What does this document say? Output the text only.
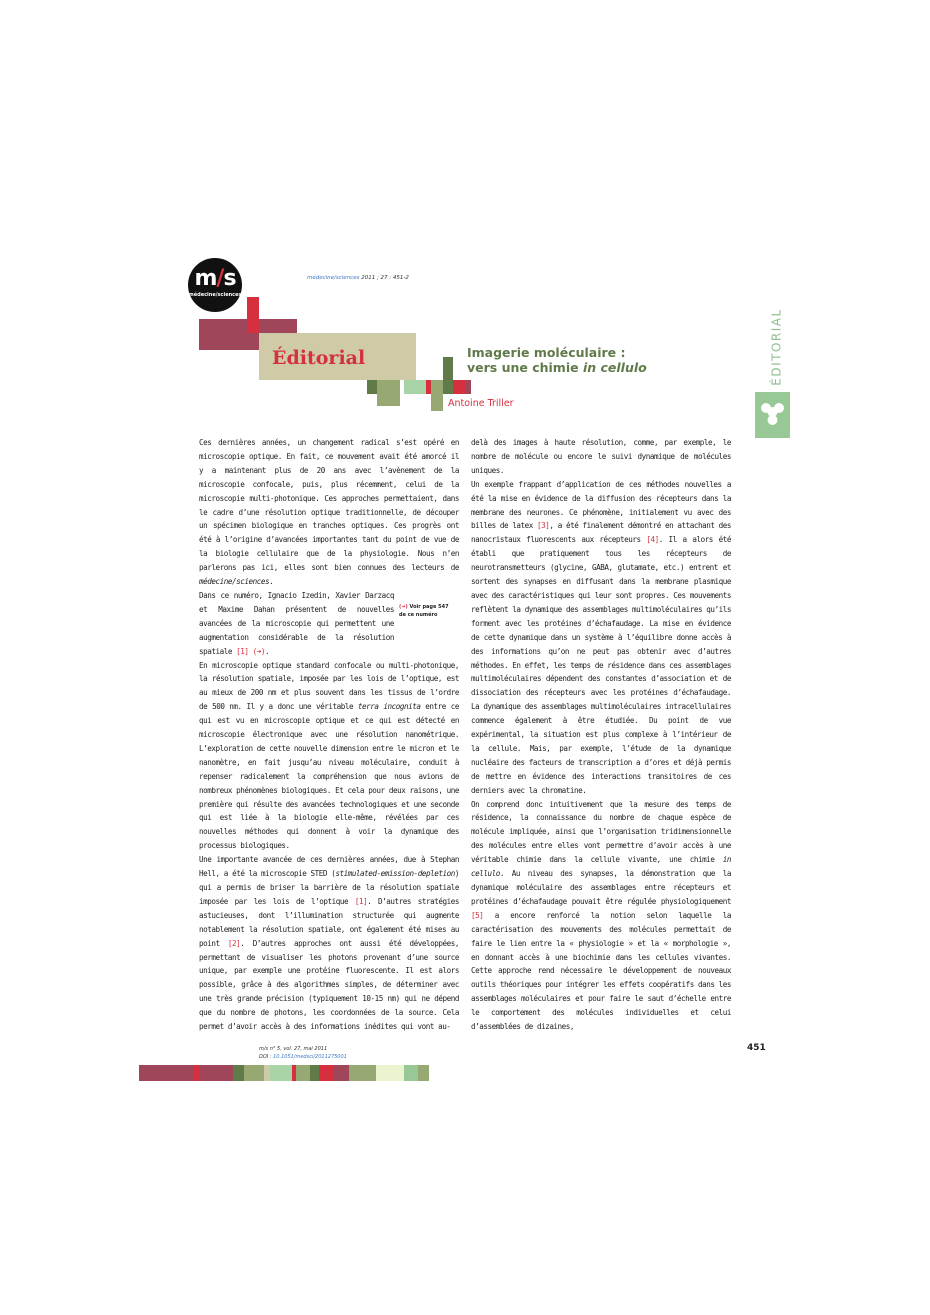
m/s
médecine/sciences
médecine/sciences 2011 ; 27 : 451-2
Éditorial	Imagerie moléculaire :
vers une chimie in cellulo
Antoine Triller
ÉDITORIAL

Ces dernières années, un changement radical s’est opéré en microscopie optique. En fait, ce mouvement avait été amorcé il y a maintenant plus de 20 ans avec l’avènement de la microscopie confocale, puis, plus récemment, celui de la microscopie multi-photonique. Ces approches permettaient, dans le cadre d’une résolution optique traditionnelle, de découper un spécimen biologique en tranches optiques. Ces progrès ont été à l’origine d’avancées importantes tant du point de vue de la biologie cellulaire que de la physiologie. Nous n’en parlerons pas ici, elles sont bien connues des lecteurs de médecine/sciences.

Dans ce numéro, Ignacio Izedin, Xavier Darzacq et Maxime Dahan présentent de nouvelles avancées de la microscopie qui permettent une augmentation considérable de la résolution spatiale [1] (➜).

En microscopie optique standard confocale ou multi-photonique, la résolution spatiale, imposée par les lois de l’optique, est au mieux de 200 nm et plus souvent dans les tissus de l’ordre de 500 nm. Il y a donc une véritable terra incognita entre ce qui est vu en microscopie optique et ce qui est détecté en microscopie électronique avec une résolution nanométrique. L’exploration de cette nouvelle dimension entre le micron et le nanomètre, en fait jusqu’au niveau moléculaire, conduit à repenser radicalement la compréhension que nous avions de nombreux phénomènes biologiques. Et cela pour deux raisons, une première qui résulte des avancées technologiques et une seconde qui est liée à la biologie elle-même, révélées par ces nouvelles méthodes qui donnent à voir la dynamique des processus biologiques.

Une importante avancée de ces dernières années, due à Stephan Hell, a été la microscopie STED (stimulated-emission-depletion) qui a permis de briser la barrière de la résolution spatiale imposée par les lois de l’optique [1]. D’autres stratégies astucieuses, dont l’illumination structurée qui augmente notablement la résolution spatiale, ont également été mises au point [2]. D’autres approches ont aussi été développées, permettant de visualiser les photons provenant d’une source unique, par exemple une protéine fluorescente. Il est alors possible, grâce à des algorithmes simples, de déterminer avec une très grande précision (typiquement 10-15 nm) qui ne dépend que du nombre de photons, les coordonnées de la source. Cela permet d’avoir accès à des informations inédites qui vont au-

(➜) Voir page 547
de ce numéro

delà des images à haute résolution, comme, par exemple, le nombre de molécule ou encore le suivi dynamique de molécules uniques.

Un exemple frappant d’application de ces méthodes nouvelles a été la mise en évidence de la diffusion des récepteurs dans la membrane des neurones. Ce phénomène, initialement vu avec des billes de latex [3], a été finalement démontré en attachant des nanocristaux fluorescents aux récepteurs [4]. Il a alors été établi que pratiquement tous les récepteurs de neurotransmetteurs (glycine, GABA, glutamate, etc.) entrent et sortent des synapses en diffusant dans la membrane plasmique avec des caractéristiques qui leur sont propres. Ces mouvements reflètent la dynamique des assemblages multimoléculaires qu’ils forment avec les protéines d’échafaudage. La mise en évidence de cette dynamique dans un système à l’équilibre donne accès à des informations qu’on ne peut pas obtenir avec d’autres méthodes. En effet, les temps de résidence dans ces assemblages multimoléculaires dépendent des constantes d’association et de dissociation des récepteurs avec les protéines d’échafaudage. La dynamique des assemblages multimoléculaires intracellulaires commence également à être étudiée. Du point de vue expérimental, la situation est plus complexe à l’intérieur de la cellule. Mais, par exemple, l’étude de la dynamique nucléaire des facteurs de transcription a d’ores et déjà permis de mettre en évidence des interactions transitoires de ces derniers avec la chromatine.

On comprend donc intuitivement que la mesure des temps de résidence, la connaissance du nombre de chaque espèce de molécule impliquée, ainsi que l’organisation tridimensionnelle des molécules entre elles vont permettre d’avoir accès à une véritable chimie dans la cellule vivante, une chimie in cellulo. Au niveau des synapses, la démonstration que la dynamique moléculaire des assemblages entre récepteurs et protéines d’échafaudage pouvait être régulée physiologiquement [5] a encore renforcé la notion selon laquelle la caractérisation des mouvements des molécules permettait de faire le lien entre la « physiologie » et la « morphologie », en donnant accès à une biochimie dans les cellules vivantes. Cette approche rend nécessaire le développement de nouveaux outils théoriques pour intégrer les effets coopératifs dans les assemblages moléculaires et pour faire le saut d’échelle entre le comportement des molécules individuelles et celui d’assemblées de dizaines,

m/s n° 5, vol. 27, mai 2011
DOI : 10.1051/medsci/2011275001
451
